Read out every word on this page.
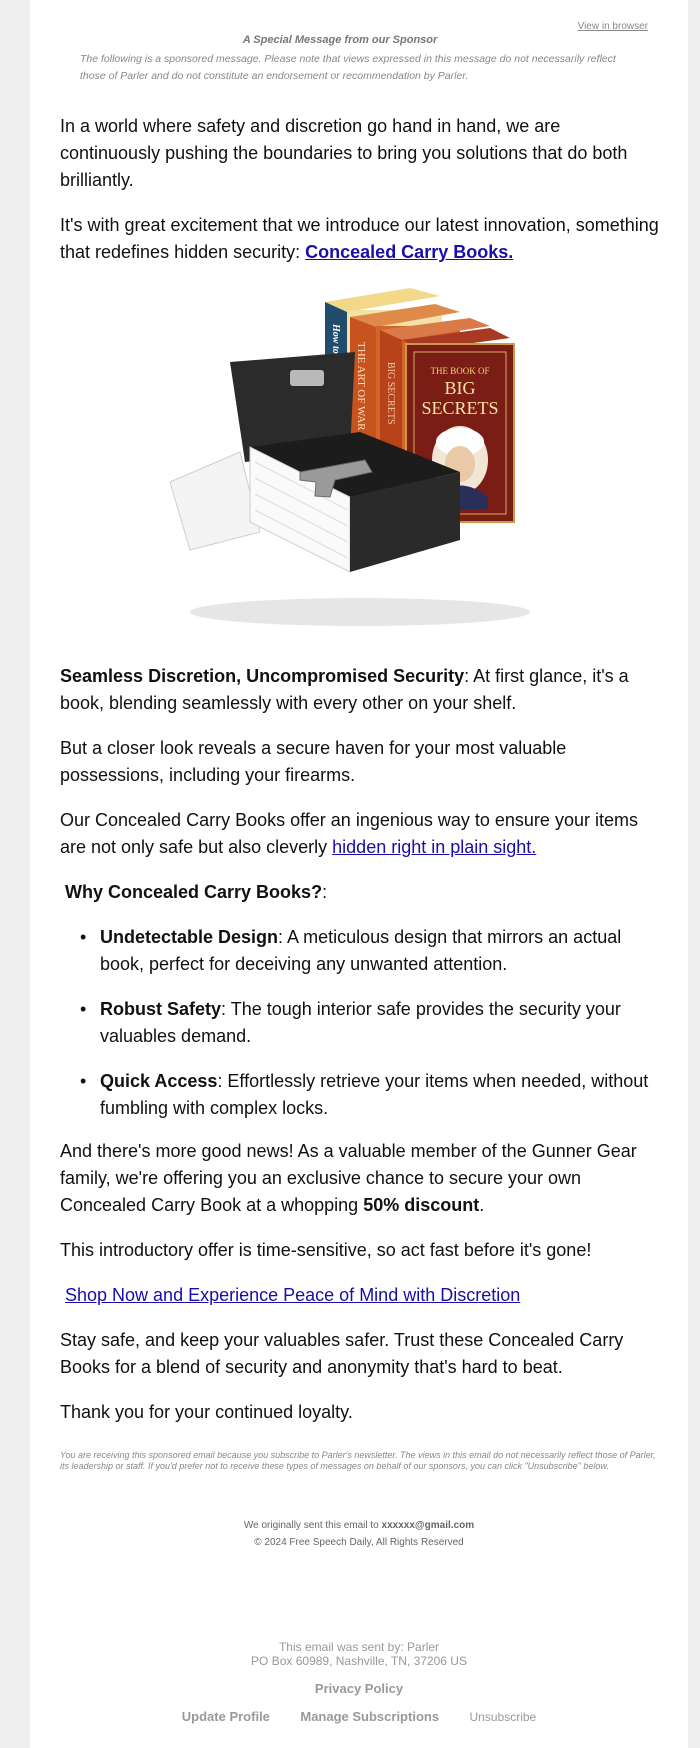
View in browser
A Special Message from our Sponsor
The following is a sponsored message. Please note that views expressed in this message do not necessarily reflect those of Parler and do not constitute an endorsement or recommendation by Parler.
In a world where safety and discretion go hand in hand, we are continuously pushing the boundaries to bring you solutions that do both brilliantly.
It's with great excitement that we introduce our latest innovation, something that redefines hidden security: Concealed Carry Books.
THE ART OF WAR BIG SECRETS	THE BOOK OF
BIG
SECRETS
Seamless Discretion, Uncompromised Security: At first glance, it's a book, blending seamlessly with every other on your shelf.
But a closer look reveals a secure haven for your most valuable possessions, including your firearms.
Our Concealed Carry Books offer an ingenious way to ensure your items are not only safe but also cleverly hidden right in plain sight.
Why Concealed Carry Books?:
• Undetectable Design: A meticulous design that mirrors an actual book, perfect for deceiving any unwanted attention.
• Robust Safety: The tough interior safe provides the security your valuables demand.
• Quick Access: Effortlessly retrieve your items when needed, without fumbling with complex locks.
And there's more good news! As a valuable member of the Gunner Gear family, we're offering you an exclusive chance to secure your own Concealed Carry Book at a whopping 50% discount.
This introductory offer is time-sensitive, so act fast before it's gone!
Shop Now and Experience Peace of Mind with Discretion
Stay safe, and keep your valuables safer. Trust these Concealed Carry Books for a blend of security and anonymity that's hard to beat.
Thank you for your continued loyalty.
You are receiving this sponsored email because you subscribe to Parler's newsletter. The views in this email do not necessarily reflect those of Parler, its leadership or staff. If you'd prefer not to receive these types of messages on behalf of our sponsors, you can click "Unsubscribe" below.
We originally sent this email to xxxxxx@gmail.com
© 2024 Free Speech Daily, All Rights Reserved
This email was sent by: Parler
PO Box 60989, Nashville, TN, 37206 US
Privacy Policy
Update Profile Manage Subscriptions	Unsubscribe
